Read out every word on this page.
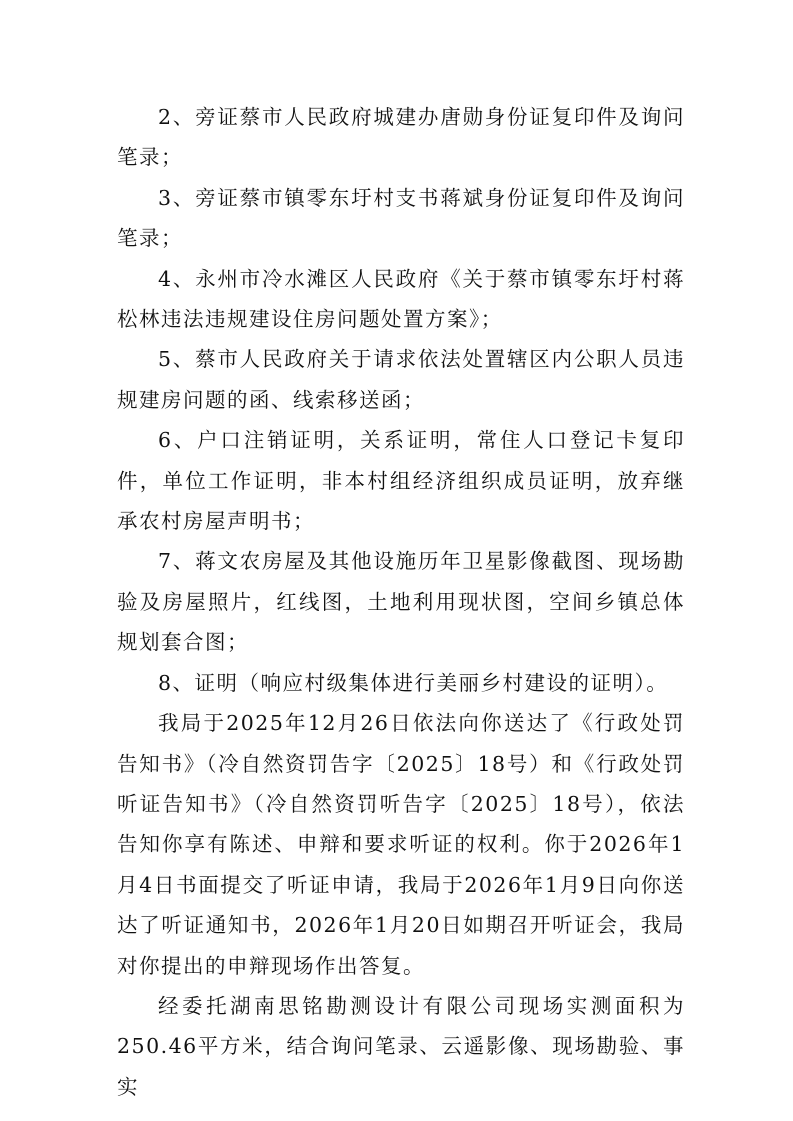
2、旁证蔡市人民政府城建办唐勋身份证复印件及询问笔录；

3、旁证蔡市镇零东圩村支书蒋斌身份证复印件及询问笔录；

4、永州市冷水滩区人民政府《关于蔡市镇零东圩村蒋松林违法违规建设住房问题处置方案》；

5、蔡市人民政府关于请求依法处置辖区内公职人员违规建房问题的函、线索移送函；

6、户口注销证明，关系证明，常住人口登记卡复印件，单位工作证明，非本村组经济组织成员证明，放弃继承农村房屋声明书；

7、蒋文农房屋及其他设施历年卫星影像截图、现场勘验及房屋照片，红线图，土地利用现状图，空间乡镇总体规划套合图；

8、证明（响应村级集体进行美丽乡村建设的证明）。

我局于2025年12月26日依法向你送达了《行政处罚告知书》（冷自然资罚告字〔2025〕18号）和《行政处罚听证告知书》（冷自然资罚听告字〔2025〕18号），依法告知你享有陈述、申辩和要求听证的权利。你于2026年1月4日书面提交了听证申请，我局于2026年1月9日向你送达了听证通知书，2026年1月20日如期召开听证会，我局对你提出的申辩现场作出答复。

经委托湖南思铭勘测设计有限公司现场实测面积为250.46平方米，结合询问笔录、云遥影像、现场勘验、事实
